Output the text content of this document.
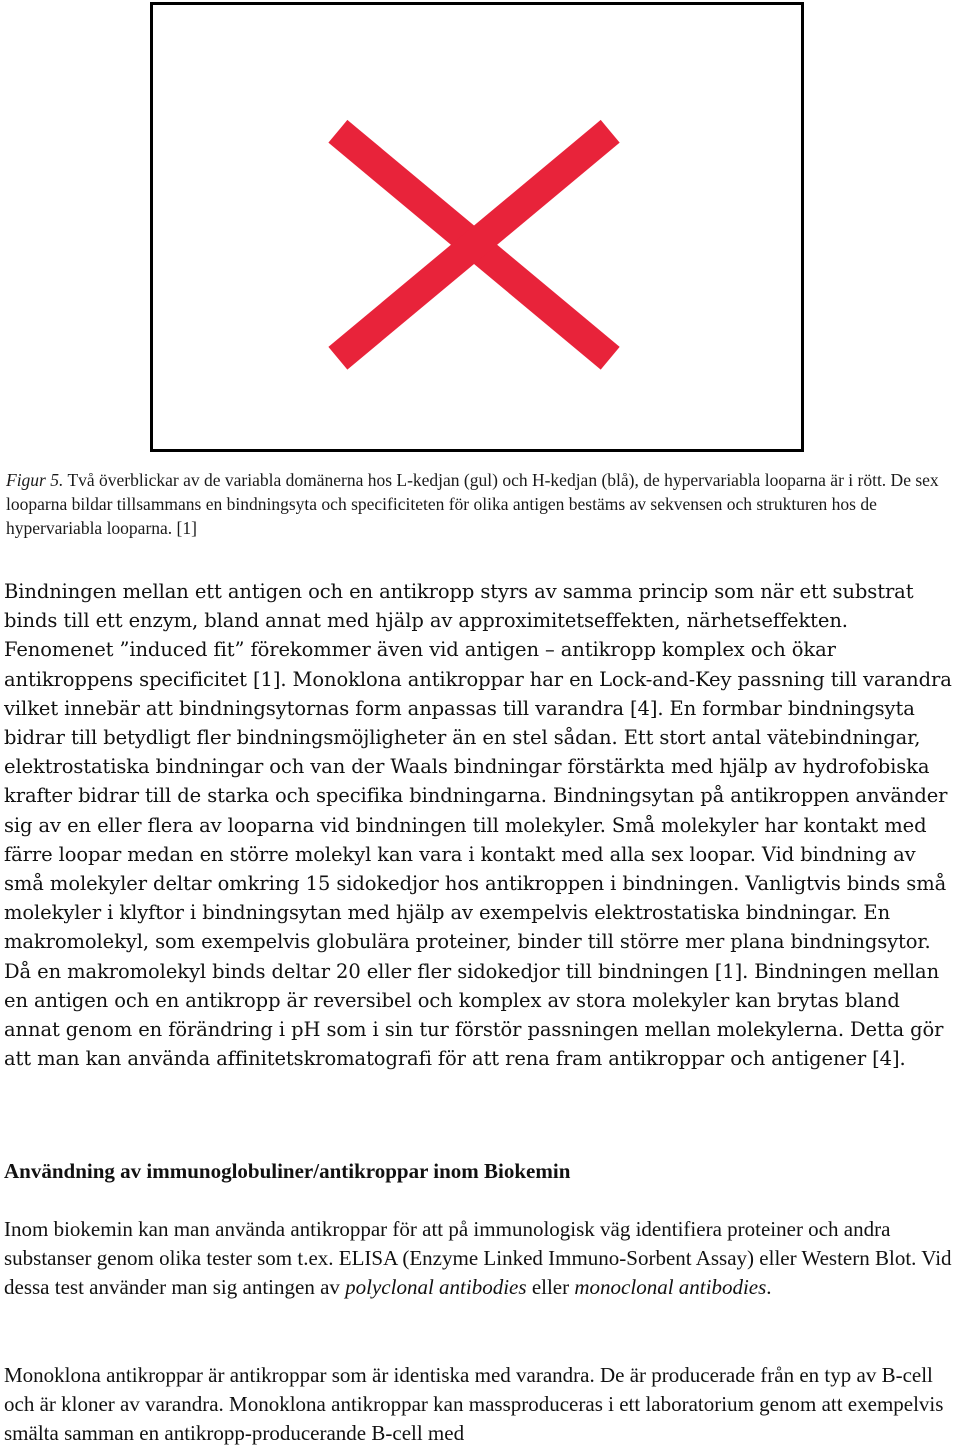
Figur 5. Två överblickar av de variabla domänerna hos L-kedjan (gul) och H-kedjan (blå), de hypervariabla looparna är i rött. De sex looparna bildar tillsammans en bindningsyta och specificiteten för olika antigen bestäms av sekvensen och strukturen hos de hypervariabla looparna. [1]

Bindningen mellan ett antigen och en antikropp styrs av samma princip som när ett substrat binds till ett enzym, bland annat med hjälp av approximitetseffekten, närhetseffekten. Fenomenet ”induced fit” förekommer även vid antigen – antikropp komplex och ökar antikroppens specificitet [1]. Monoklona antikroppar har en Lock-and-Key passning till varandra vilket innebär att bindningsytornas form anpassas till varandra [4]. En formbar bindningsyta bidrar till betydligt fler bindningsmöjligheter än en stel sådan. Ett stort antal vätebindningar, elektrostatiska bindningar och van der Waals bindningar förstärkta med hjälp av hydrofobiska krafter bidrar till de starka och specifika bindningarna. Bindningsytan på antikroppen använder sig av en eller flera av looparna vid bindningen till molekyler. Små molekyler har kontakt med färre loopar medan en större molekyl kan vara i kontakt med alla sex loopar. Vid bindning av små molekyler deltar omkring 15 sidokedjor hos antikroppen i bindningen. Vanligtvis binds små molekyler i klyftor i bindningsytan med hjälp av exempelvis elektrostatiska bindningar. En makromolekyl, som exempelvis globulära proteiner, binder till större mer plana bindningsytor. Då en makromolekyl binds deltar 20 eller fler sidokedjor till bindningen [1]. Bindningen mellan en antigen och en antikropp är reversibel och komplex av stora molekyler kan brytas bland annat genom en förändring i pH som i sin tur förstör passningen mellan molekylerna. Detta gör att man kan använda affinitetskromatografi för att rena fram antikroppar och antigener [4].

Användning av immunoglobuliner/antikroppar inom Biokemin

Inom biokemin kan man använda antikroppar för att på immunologisk väg identifiera proteiner och andra substanser genom olika tester som t.ex. ELISA (Enzyme Linked Immuno-Sorbent Assay) eller Western Blot. Vid dessa test använder man sig antingen av polyclonal antibodies eller monoclonal antibodies.

Monoklona antikroppar är antikroppar som är identiska med varandra. De är producerade från en typ av B-cell och är kloner av varandra. Monoklona antikroppar kan massproduceras i ett laboratorium genom att exempelvis smälta samman en antikropp-producerande B-cell med
